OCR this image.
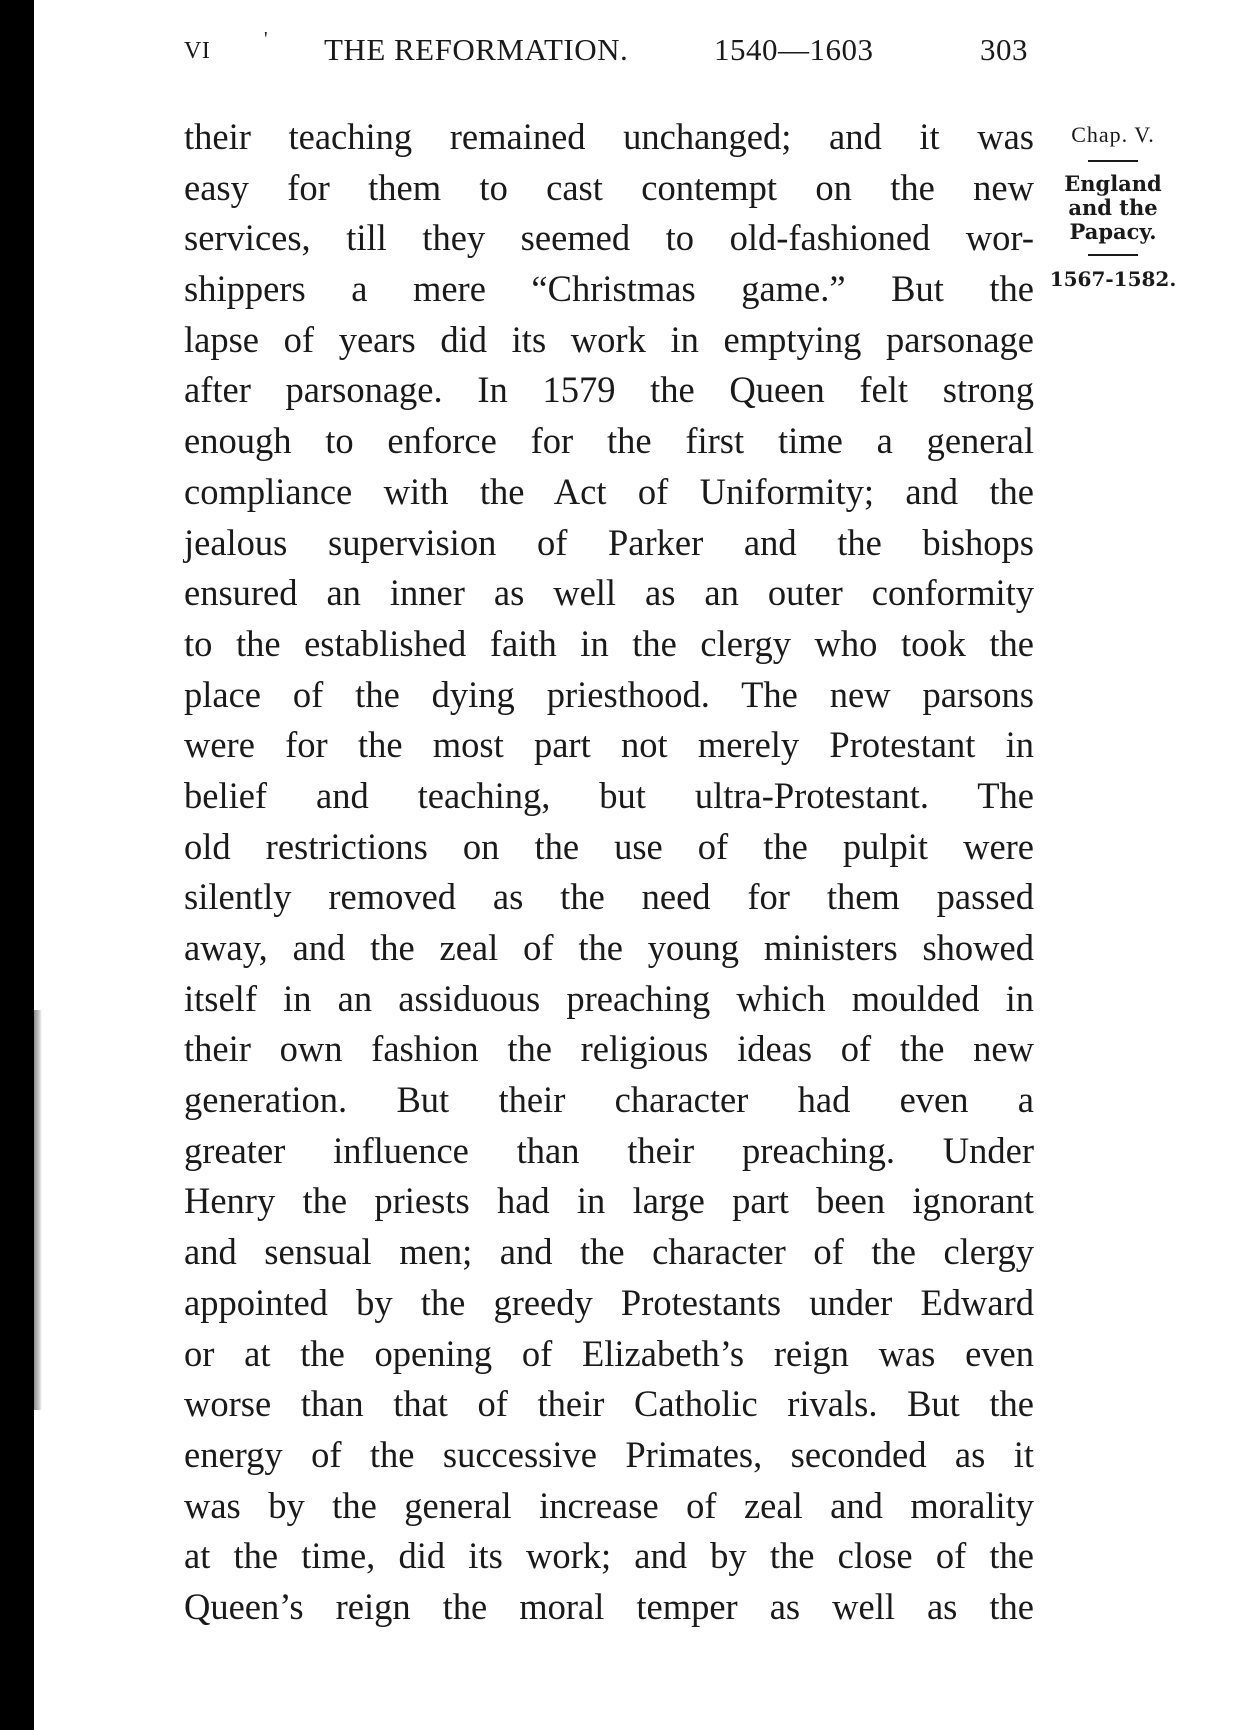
VI	' THE REFORMATION.	1540—1603	303
their teaching remained unchanged; and it was
easy for them to cast contempt on the new
services, till they seemed to old-fashioned wor-
shippers a mere “Christmas game.” But the
lapse of years did its work in emptying parsonage
after parsonage. In 1579 the Queen felt strong
enough to enforce for the first time a general
compliance with the Act of Uniformity; and the
jealous supervision of Parker and the bishops
ensured an inner as well as an outer conformity
to the established faith in the clergy who took the
place of the dying priesthood. The new parsons
were for the most part not merely Protestant in
belief and teaching, but ultra-Protestant. The
old restrictions on the use of the pulpit were
silently removed as the need for them passed
away, and the zeal of the young ministers showed
itself in an assiduous preaching which moulded in
their own fashion the religious ideas of the new
generation. But their character had even a
greater influence than their preaching. Under
Henry the priests had in large part been ignorant
and sensual men; and the character of the clergy
appointed by the greedy Protestants under Edward
or at the opening of Elizabeth’s reign was even
worse than that of their Catholic rivals. But the
energy of the successive Primates, seconded as it
was by the general increase of zeal and morality
at the time, did its work; and by the close of the
Queen’s reign the moral temper as well as the
Chap. V.
England
and the
Papacy.
1567-1582.
